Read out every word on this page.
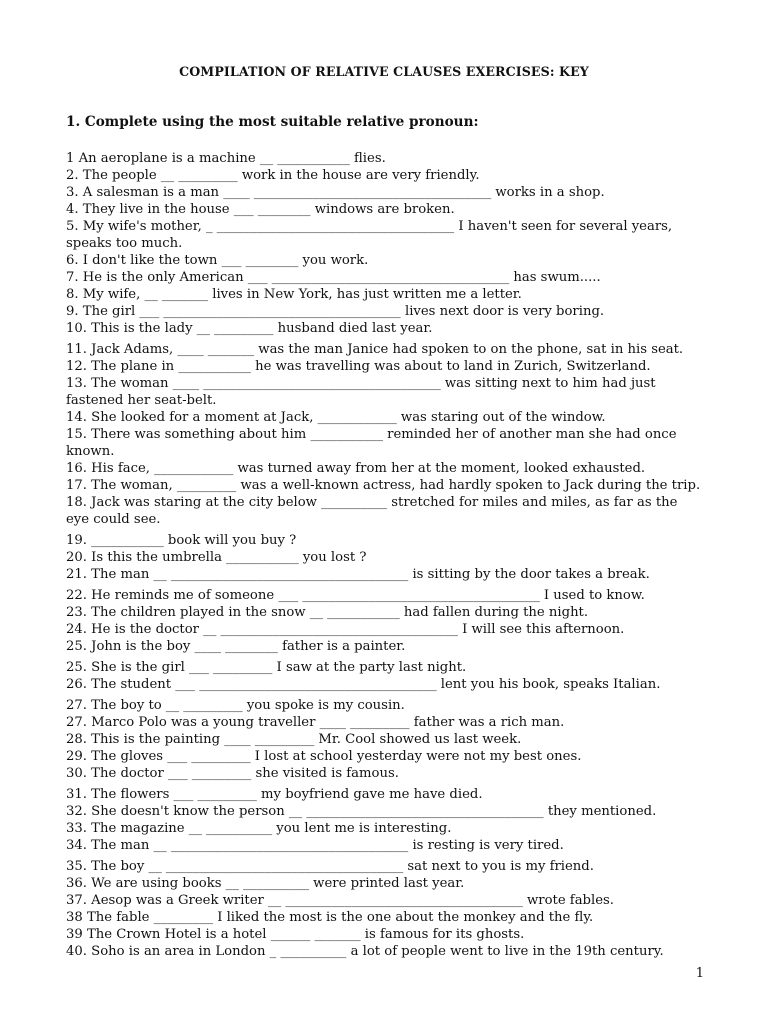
COMPILATION OF RELATIVE CLAUSES EXERCISES: KEY
1. Complete using the most suitable relative pronoun:
1 An aeroplane is a machine __ ___________ flies.
2. The people __ _________ work in the house are very friendly.
3. A salesman is a man ____ ____________________________________ works in a shop.
4. They live in the house ___ ________ windows are broken.
5. My wife's mother, _ ____________________________________ I haven't seen for several years, speaks too much.
6. I don't like the town ___ ________ you work.
7. He is the only American ___ ____________________________________ has swum.....
8. My wife, __ _______ lives in New York, has just written me a letter.
9. The girl ___ ____________________________________ lives next door is very boring.
10. This is the lady __ _________ husband died last year.
11. Jack Adams, ____ _______ was the man Janice had spoken to on the phone, sat in his seat.
12. The plane in ___________ he was travelling was about to land in Zurich, Switzerland.
13. The woman ____ ____________________________________ was sitting next to him had just fastened her seat-belt.
14. She looked for a moment at Jack, ____________ was staring out of the window.
15. There was something about him ___________ reminded her of another man she had once known.
16. His face, ____________ was turned away from her at the moment, looked exhausted.
17. The woman, _________ was a well-known actress, had hardly spoken to Jack during the trip.
18. Jack was staring at the city below __________ stretched for miles and miles, as far as the eye could see.
19. ___________ book will you buy ?
20. Is this the umbrella ___________ you lost ?
21. The man __ ____________________________________ is sitting by the door takes a break.
22. He reminds me of someone ___ ____________________________________ I used to know.
23. The children played in the snow __ ___________ had fallen during the night.
24. He is the doctor __ ____________________________________ I will see this afternoon.
25. John is the boy ____ ________ father is a painter.
25. She is the girl ___ _________ I saw at the party last night.
26. The student ___ ____________________________________ lent you his book, speaks Italian.
27. The boy to __ _________ you spoke is my cousin.
27. Marco Polo was a young traveller ____ _________ father was a rich man.
28. This is the painting ____ _________ Mr. Cool showed us last week.
29. The gloves ___ _________ I lost at school yesterday were not my best ones.
30. The doctor ___ _________ she visited is famous.
31. The flowers ___ _________ my boyfriend gave me have died.
32. She doesn't know the person __ ____________________________________ they mentioned.
33. The magazine __ __________ you lent me is interesting.
34. The man __ ____________________________________ is resting is very tired.
35. The boy __ ____________________________________ sat next to you is my friend.
36. We are using books __ __________ were printed last year.
37. Aesop was a Greek writer __ ____________________________________ wrote fables.
38 The fable _________ I liked the most is the one about the monkey and the fly.
39 The Crown Hotel is a hotel ______ _______ is famous for its ghosts.
40. Soho is an area in London _ __________ a lot of people went to live in the 19th century.
1
